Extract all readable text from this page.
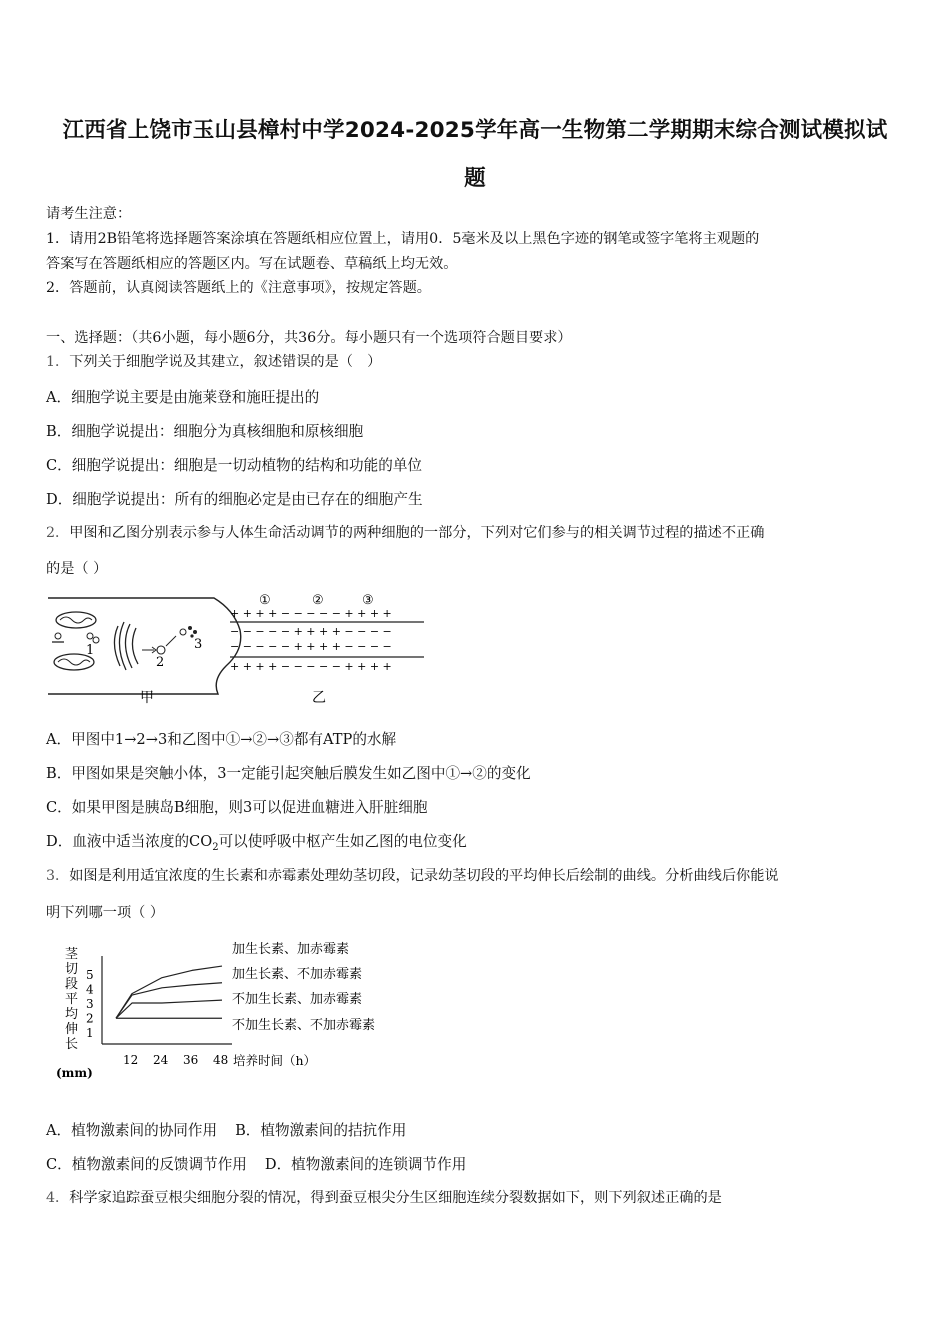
江西省上饶市玉山县樟村中学2024-2025学年高一生物第二学期期末综合测试模拟试
题
请考生注意：
1．请用2B铅笔将选择题答案涂填在答题纸相应位置上，请用0．5毫米及以上黑色字迹的钢笔或签字笔将主观题的
答案写在答题纸相应的答题区内。写在试题卷、草稿纸上均无效。
2．答题前，认真阅读答题纸上的《注意事项》，按规定答题。
一、选择题：（共6小题，每小题6分，共36分。每小题只有一个选项符合题目要求）
1．下列关于细胞学说及其建立，叙述错误的是（　）
A．细胞学说主要是由施莱登和施旺提出的
B．细胞学说提出：细胞分为真核细胞和原核细胞
C．细胞学说提出：细胞是一切动植物的结构和功能的单位
D．细胞学说提出：所有的细胞必定是由已存在的细胞产生
2．甲图和乙图分别表示参与人体生命活动调节的两种细胞的一部分，下列对它们参与的相关调节过程的描述不正确
的是（ ）
1
2
3
甲
①	②	③
+ + + + − − − − − + + + +
− − − − − + + + + − − − −
− − − − − + + + + − − − −
+ + + + − − − − − + + + +
乙
A．甲图中1→2→3和乙图中①→②→③都有ATP的水解
B．甲图如果是突触小体，3一定能引起突触后膜发生如乙图中①→②的变化
C．如果甲图是胰岛B细胞，则3可以促进血糖进入肝脏细胞
D．血液中适当浓度的$CO_2$可以使呼吸中枢产生如乙图的电位变化
3．如图是利用适宜浓度的生长素和赤霉素处理幼茎切段，记录幼茎切段的平均伸长后绘制的曲线。分析曲线后你能说
明下列哪一项（ ）
茎
切
段
平
均
伸
长
(mm)
1
2
3
4
5
12 24 36 48
加生长素、加赤霉素
加生长素、不加赤霉素
不加生长素、加赤霉素
不加生长素、不加赤霉素
培养时间（h）
A．植物激素间的协同作用 B．植物激素间的拮抗作用
C．植物激素间的反馈调节作用 D．植物激素间的连锁调节作用
4．科学家追踪蚕豆根尖细胞分裂的情况，得到蚕豆根尖分生区细胞连续分裂数据如下，则下列叙述正确的是
